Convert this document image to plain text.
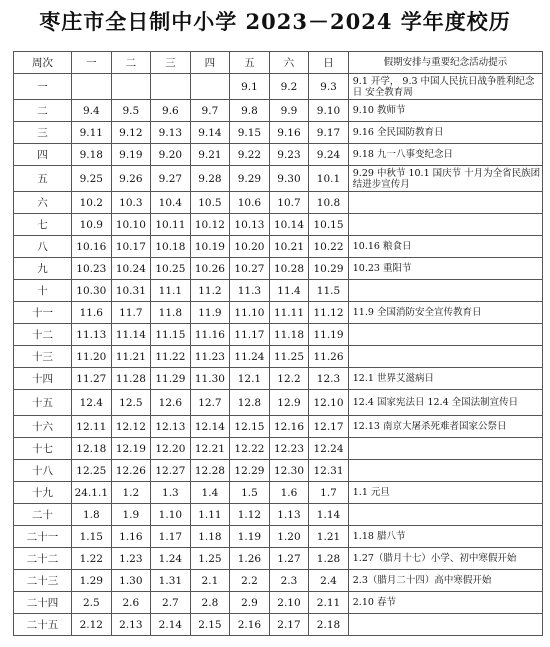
枣庄市全日制中小学 2023－2024 学年度校历
周次	一	二	三	四	五	六	日	假期安排与重要纪念活动提示
一					9.1	9.2	9.3	9.1 开学， 9.3 中国人民抗日战争胜利纪念日 安全教育周
二	9.4	9.5	9.6	9.7	9.8	9.9	9.10	9.10 教师节
三	9.11	9.12	9.13	9.14	9.15	9.16	9.17	9.16 全民国防教育日
四	9.18	9.19	9.20	9.21	9.22	9.23	9.24	9.18 九一八事变纪念日
五	9.25	9.26	9.27	9.28	9.29	9.30	10.1	9.29 中秋节 10.1 国庆节 十月为全省民族团结进步宣传月
六	10.2	10.3	10.4	10.5	10.6	10.7	10.8	
七	10.9	10.10	10.11	10.12	10.13	10.14	10.15	
八	10.16	10.17	10.18	10.19	10.20	10.21	10.22	10.16 粮食日
九	10.23	10.24	10.25	10.26	10.27	10.28	10.29	10.23 重阳节
十	10.30	10.31	11.1	11.2	11.3	11.4	11.5	
十一	11.6	11.7	11.8	11.9	11.10	11.11	11.12	11.9 全国消防安全宣传教育日
十二	11.13	11.14	11.15	11.16	11.17	11.18	11.19	
十三	11.20	11.21	11.22	11.23	11.24	11.25	11.26	
十四	11.27	11.28	11.29	11.30	12.1	12.2	12.3	12.1 世界艾滋病日
十五	12.4	12.5	12.6	12.7	12.8	12.9	12.10	12.4 国家宪法日 12.4 全国法制宣传日
十六	12.11	12.12	12.13	12.14	12.15	12.16	12.17	12.13 南京大屠杀死难者国家公祭日
十七	12.18	12.19	12.20	12.21	12.22	12.23	12.24	
十八	12.25	12.26	12.27	12.28	12.29	12.30	12.31	
十九	24.1.1	1.2	1.3	1.4	1.5	1.6	1.7	1.1 元旦
二十	1.8	1.9	1.10	1.11	1.12	1.13	1.14	
二十一	1.15	1.16	1.17	1.18	1.19	1.20	1.21	1.18 腊八节
二十二	1.22	1.23	1.24	1.25	1.26	1.27	1.28	1.27（腊月十七）小学、初中寒假开始
二十三	1.29	1.30	1.31	2.1	2.2	2.3	2.4	2.3（腊月二十四）高中寒假开始
二十四	2.5	2.6	2.7	2.8	2.9	2.10	2.11	2.10 春节
二十五	2.12	2.13	2.14	2.15	2.16	2.17	2.18	
